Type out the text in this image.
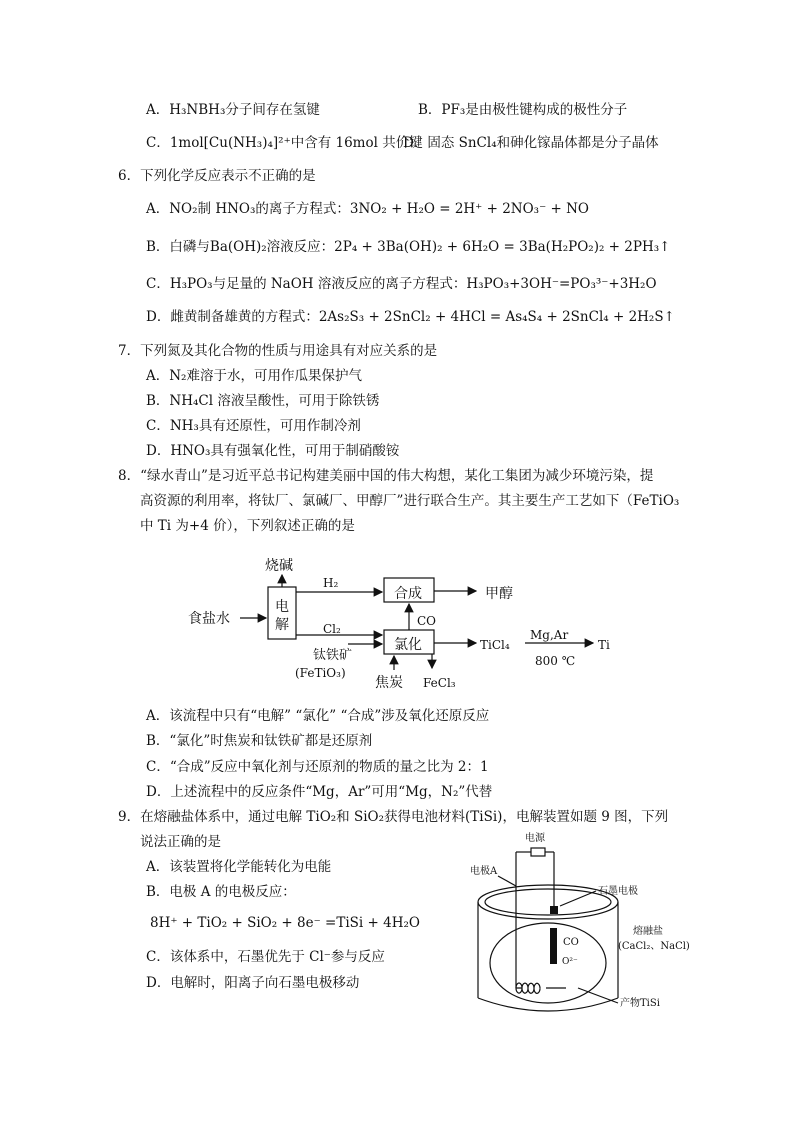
A．H₃NBH₃分子间存在氢键	B．PF₃是由极性键构成的极性分子
C．1mol[Cu(NH₃)₄]²⁺中含有 16mol 共价键
D．固态 SnCl₄和砷化镓晶体都是分子晶体
6．下列化学反应表示不正确的是
A．NO₂制 HNO₃的离子方程式：3NO₂ + H₂O = 2H⁺ + 2NO₃⁻ + NO
B．白磷与Ba(OH)₂溶液反应：2P₄ + 3Ba(OH)₂ + 6H₂O = 3Ba(H₂PO₂)₂ + 2PH₃↑
C．H₃PO₃与足量的 NaOH 溶液反应的离子方程式：H₃PO₃+3OH⁻=PO₃³⁻+3H₂O
D．雌黄制备雄黄的方程式：2As₂S₃ + 2SnCl₂ + 4HCl = As₄S₄ + 2SnCl₄ + 2H₂S↑
7．下列氮及其化合物的性质与用途具有对应关系的是
A．N₂难溶于水，可用作瓜果保护气
B．NH₄Cl 溶液呈酸性，可用于除铁锈
C．NH₃具有还原性，可用作制冷剂
D．HNO₃具有强氧化性，可用于制硝酸铵
8．“绿水青山”是习近平总书记构建美丽中国的伟大构想，某化工集团为减少环境污染，提
高资源的利用率，将钛厂、氯碱厂、甲醇厂”进行联合生产。其主要生产工艺如下（FeTiO₃
中 Ti 为+4 价），下列叙述正确的是
食盐水
烧碱
电
解
H₂
Cl₂
合成	甲醇
CO
氯化
钛铁矿
(FeTiO₃)
焦炭 FeCl₃
TiCl₄
Mg,Ar
800 ℃
Ti
A．该流程中只有“电解” “氯化” “合成”涉及氧化还原反应
B．“氯化”时焦炭和钛铁矿都是还原剂
C．“合成”反应中氧化剂与还原剂的物质的量之比为 2：1
D．上述流程中的反应条件“Mg，Ar”可用“Mg，N₂”代替
9．在熔融盐体系中，通过电解 TiO₂和 SiO₂获得电池材料(TiSi)，电解装置如题 9 图，下列
说法正确的是
A．该装置将化学能转化为电能
B．电极 A 的电极反应：
8H⁺ + TiO₂ + SiO₂ + 8e⁻ =TiSi + 4H₂O
C．该体系中，石墨优先于 Cl⁻参与反应
D．电解时，阳离子向石墨电极移动
电源
电极A
石墨电极
熔融盐
(CaCl₂、NaCl)
CO
O²⁻
产物TiSi
